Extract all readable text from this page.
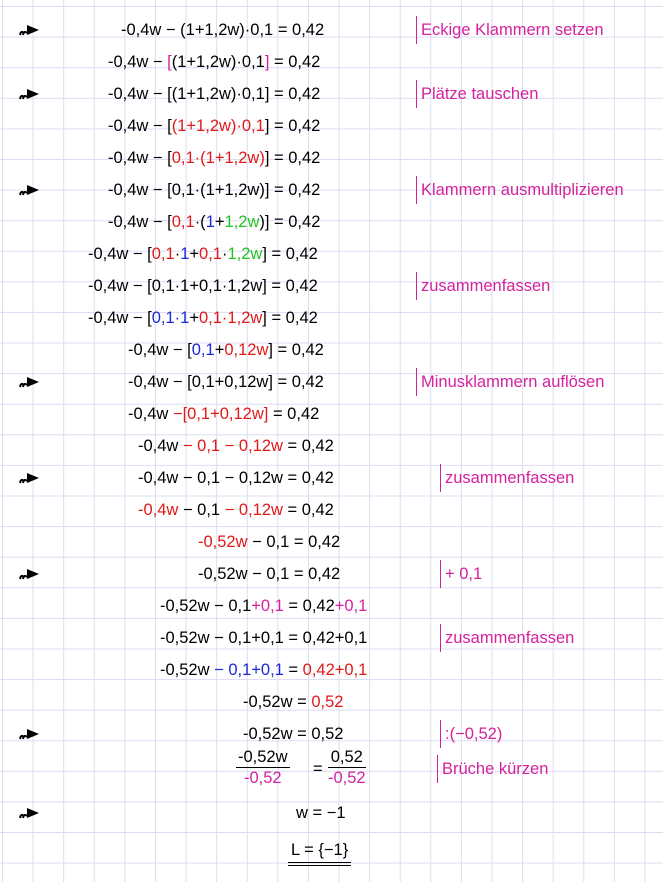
-0,4w − (1+1,2w)·0,1 = 0,42	Eckige Klammern setzen
-0,4w − [(1+1,2w)·0,1] = 0,42
-0,4w − [(1+1,2w)·0,1] = 0,42	Plätze tauschen
-0,4w − [(1+1,2w)·0,1] = 0,42
-0,4w − [0,1·(1+1,2w)] = 0,42
-0,4w − [0,1·(1+1,2w)] = 0,42	Klammern ausmultiplizieren
-0,4w − [0,1·(1+1,2w)] = 0,42
-0,4w − [0,1·1+0,1·1,2w] = 0,42
-0,4w − [0,1·1+0,1·1,2w] = 0,42	zusammenfassen
-0,4w − [0,1·1+0,1·1,2w] = 0,42
-0,4w − [0,1+0,12w] = 0,42
-0,4w − [0,1+0,12w] = 0,42	Minusklammern auflösen
-0,4w −[0,1+0,12w] = 0,42
-0,4w − 0,1 − 0,12w = 0,42
-0,4w − 0,1 − 0,12w = 0,42	zusammenfassen
-0,4w − 0,1 − 0,12w = 0,42
-0,52w − 0,1 = 0,42
-0,52w − 0,1 = 0,42	+ 0,1
-0,52w − 0,1+0,1 = 0,42+0,1
-0,52w − 0,1+0,1 = 0,42+0,1	zusammenfassen
-0,52w − 0,1+0,1 = 0,42+0,1
-0,52w = 0,52
-0,52w = 0,52	:(−0,52)
$\frac{-0,52w}{-0,52} = \frac{0,52}{-0,52}$	Brüche kürzen
w = −1
L = {−1}
